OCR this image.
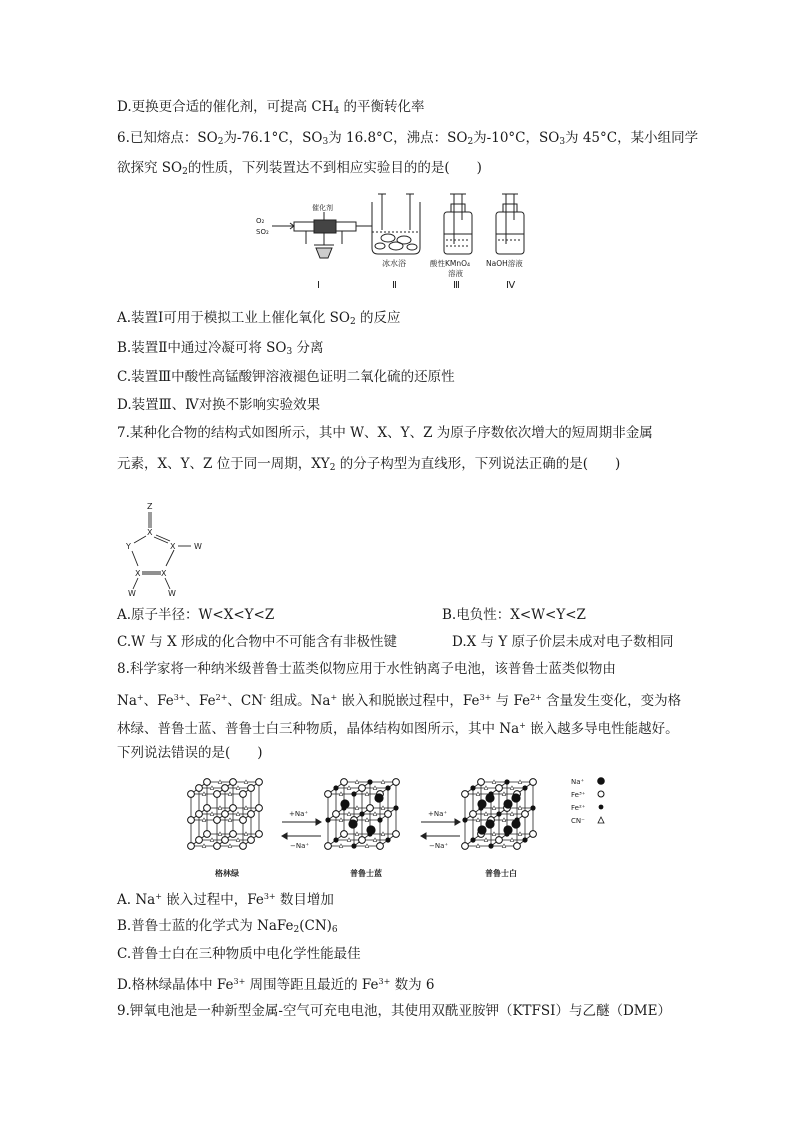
D.更换更合适的催化剂，可提高 $CH_4$ 的平衡转化率

6.已知熔点：$SO_2$为-76.1°C，$SO_3$为 16.8°C，沸点：$SO_2$为-10°C，$SO_3$为 45°C，某小组同学

欲探究 $SO_2$的性质，下列装置达不到相应实验目的的是(　　)

O₂
SO₂
催化剂
Ⅰ
冰水浴
Ⅱ
酸性KMnO₄
溶液
Ⅲ
NaOH溶液
Ⅳ

A.装置Ⅰ可用于模拟工业上催化氧化 $SO_2$ 的反应

B.装置Ⅱ中通过冷凝可将 $SO_3$ 分离

C.装置Ⅲ中酸性高锰酸钾溶液褪色证明二氧化硫的还原性

D.装置Ⅲ、Ⅳ对换不影响实验效果

7.某种化合物的结构式如图所示，其中 W、X、Y、Z 为原子序数依次增大的短周期非金属

元素，X、Y、Z 位于同一周期，$XY_2$ 的分子构型为直线形，下列说法正确的是(　　)

Z
X
Y	X W
X	X
W	W

A.原子半径：W<X<Y<Z	B.电负性：X<W<Y<Z

C.W 与 X 形成的化合物中不可能含有非极性键	D.X 与 Y 原子价层未成对电子数相同

8.科学家将一种纳米级普鲁士蓝类似物应用于水性钠离子电池，该普鲁士蓝类似物由

Na+、$Fe^{3+}$、$Fe^{2+}$、CN- 组成。Na+ 嵌入和脱嵌过程中，$Fe^{3+}$ 与 $Fe^{2+}$ 含量发生变化，变为格

林绿、普鲁士蓝、普鲁士白三种物质，晶体结构如图所示，其中 Na+ 嵌入越多导电性能越好。

下列说法错误的是(　　)

+Na⁺
−Na⁺
+Na⁺
−Na⁺
格林绿	普鲁士蓝	普鲁士白
Na⁺
Fe³⁺
Fe²⁺
CN⁻

A. Na+ 嵌入过程中，$Fe^{3+}$ 数目增加

B.普鲁士蓝的化学式为 $NaFe_2(CN)_6$

C.普鲁士白在三种物质中电化学性能最佳

D.格林绿晶体中 $Fe^{3+}$ 周围等距且最近的 $Fe^{3+}$ 数为 6

9.钾氧电池是一种新型金属-空气可充电电池，其使用双酰亚胺钾（KTFSI）与乙醚（DME）
